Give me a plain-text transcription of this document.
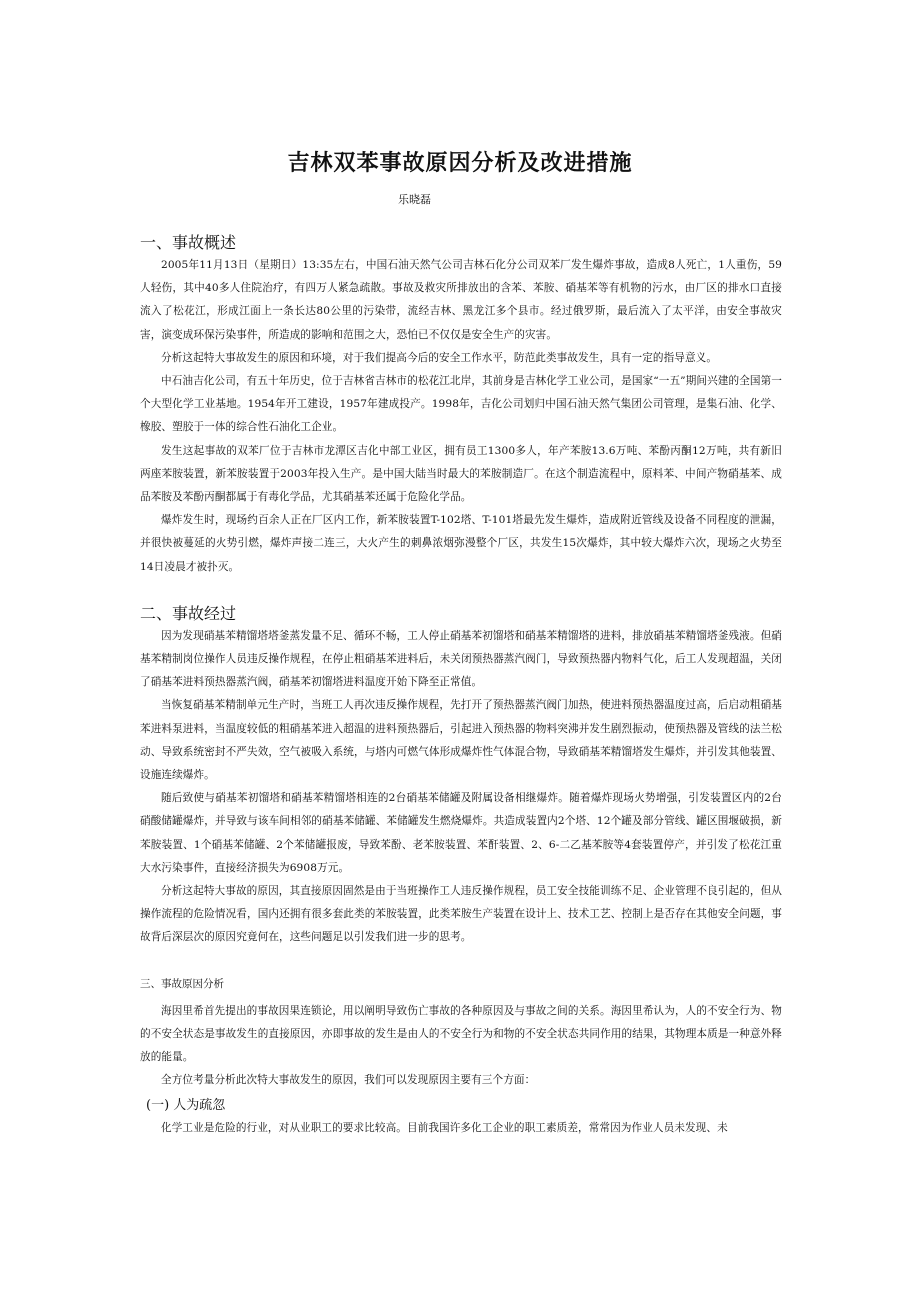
吉林双苯事故原因分析及改进措施
乐晓磊
一、事故概述

2005年11月13日（星期日）13:35左右，中国石油天然气公司吉林石化分公司双苯厂发生爆炸事故，造成8人死亡，1人重伤，59人轻伤，其中40多人住院治疗，有四万人紧急疏散。事故及救灾所排放出的含苯、苯胺、硝基苯等有机物的污水，由厂区的排水口直接流入了松花江，形成江面上一条长达80公里的污染带，流经吉林、黑龙江多个县市。经过俄罗斯，最后流入了太平洋，由安全事故灾害，演变成环保污染事件，所造成的影响和范围之大，恐怕已不仅仅是安全生产的灾害。

分析这起特大事故发生的原因和环境，对于我们提高今后的安全工作水平，防范此类事故发生，具有一定的指导意义。

中石油吉化公司，有五十年历史，位于吉林省吉林市的松花江北岸，其前身是吉林化学工业公司，是国家“一五”期间兴建的全国第一个大型化学工业基地。1954年开工建设，1957年建成投产。1998年，吉化公司划归中国石油天然气集团公司管理，是集石油、化学、橡胶、塑胶于一体的综合性石油化工企业。

发生这起事故的双苯厂位于吉林市龙潭区吉化中部工业区，拥有员工1300多人，年产苯胺13.6万吨、苯酚丙酮12万吨，共有新旧两座苯胺装置，新苯胺装置于2003年投入生产。是中国大陆当时最大的苯胺制造厂。在这个制造流程中，原料苯、中间产物硝基苯、成品苯胺及苯酚丙酮都属于有毒化学品，尤其硝基苯还属于危险化学品。

爆炸发生时，现场约百余人正在厂区内工作，新苯胺装置T-102塔、T-101塔最先发生爆炸，造成附近管线及设备不同程度的泄漏，并很快被蔓延的火势引燃，爆炸声接二连三，大火产生的刺鼻浓烟弥漫整个厂区，共发生15次爆炸，其中较大爆炸六次，现场之火势至14日凌晨才被扑灭。

二、事故经过

因为发现硝基苯精馏塔塔釜蒸发量不足、循环不畅，工人停止硝基苯初馏塔和硝基苯精馏塔的进料，排放硝基苯精馏塔釜残液。但硝基苯精制岗位操作人员违反操作规程，在停止粗硝基苯进料后，未关闭预热器蒸汽阀门，导致预热器内物料气化，后工人发现超温，关闭了硝基苯进料预热器蒸汽阀，硝基苯初馏塔进料温度开始下降至正常值。

当恢复硝基苯精制单元生产时，当班工人再次违反操作规程，先打开了预热器蒸汽阀门加热，使进料预热器温度过高，后启动粗硝基苯进料泵进料，当温度较低的粗硝基苯进入超温的进料预热器后，引起进入预热器的物料突沸并发生剧烈振动，使预热器及管线的法兰松动、导致系统密封不严失效，空气被吸入系统，与塔内可燃气体形成爆炸性气体混合物，导致硝基苯精馏塔发生爆炸，并引发其他装置、设施连续爆炸。

随后致使与硝基苯初馏塔和硝基苯精馏塔相连的2台硝基苯储罐及附属设备相继爆炸。随着爆炸现场火势增强，引发装置区内的2台硝酸储罐爆炸，并导致与该车间相邻的硝基苯储罐、苯储罐发生燃烧爆炸。共造成装置内2个塔、12个罐及部分管线、罐区围堰破损，新苯胺装置、1个硝基苯储罐、2个苯储罐报废，导致苯酚、老苯胺装置、苯酐装置、2、6-二乙基苯胺等4套装置停产，并引发了松花江重大水污染事件，直接经济损失为6908万元。

分析这起特大事故的原因，其直接原因固然是由于当班操作工人违反操作规程，员工安全技能训练不足、企业管理不良引起的，但从操作流程的危险情况看，国内还拥有很多套此类的苯胺装置，此类苯胺生产装置在设计上、技术工艺、控制上是否存在其他安全问题，事故背后深层次的原因究竟何在，这些问题足以引发我们进一步的思考。

三、事故原因分析

海因里希首先提出的事故因果连锁论，用以阐明导致伤亡事故的各种原因及与事故之间的关系。海因里希认为，人的不安全行为、物的不安全状态是事故发生的直接原因，亦即事故的发生是由人的不安全行为和物的不安全状态共同作用的结果，其物理本质是一种意外释放的能量。

全方位考量分析此次特大事故发生的原因，我们可以发现原因主要有三个方面：

(一) 人为疏忽

化学工业是危险的行业，对从业职工的要求比较高。目前我国许多化工企业的职工素质差，常常因为作业人员未发现、未
